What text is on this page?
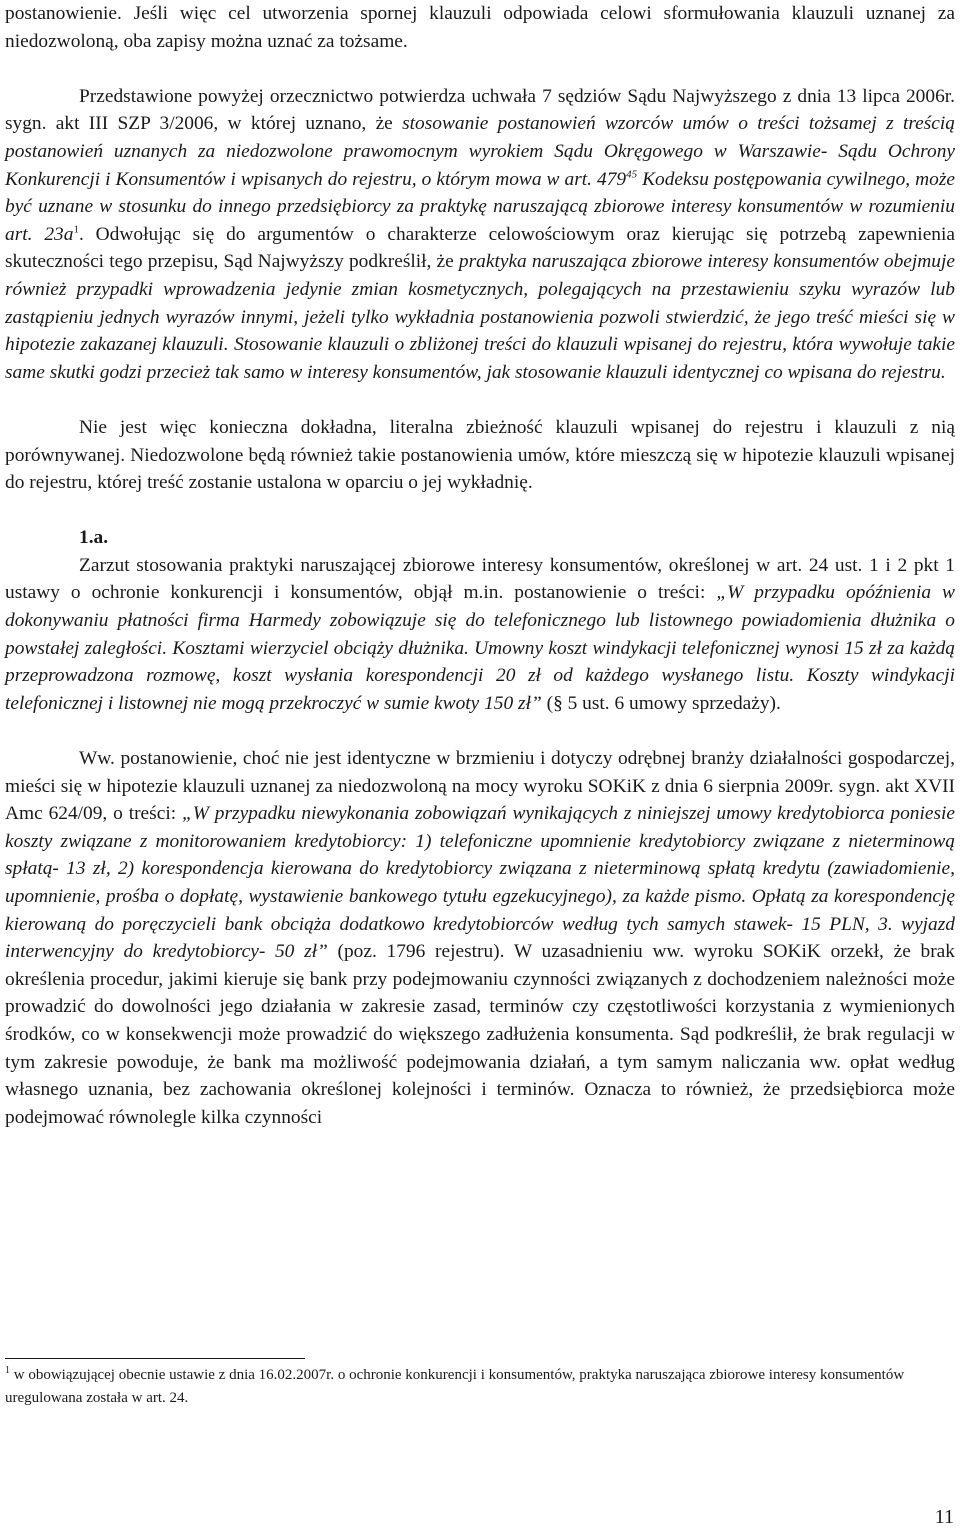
postanowienie. Jeśli więc cel utworzenia spornej klauzuli odpowiada celowi sformułowania klauzuli uznanej za niedozwoloną, oba zapisy można uznać za tożsame.

Przedstawione powyżej orzecznictwo potwierdza uchwała 7 sędziów Sądu Najwyższego z dnia 13 lipca 2006r. sygn. akt III SZP 3/2006, w której uznano, że stosowanie postanowień wzorców umów o treści tożsamej z treścią postanowień uznanych za niedozwolone prawomocnym wyrokiem Sądu Okręgowego w Warszawie- Sądu Ochrony Konkurencji i Konsumentów i wpisanych do rejestru, o którym mowa w art. $479^{45}$ Kodeksu postępowania cywilnego, może być uznane w stosunku do innego przedsiębiorcy za praktykę naruszającą zbiorowe interesy konsumentów w rozumieniu art. $23a^1$. Odwołując się do argumentów o charakterze celowościowym oraz kierując się potrzebą zapewnienia skuteczności tego przepisu, Sąd Najwyższy podkreślił, że praktyka naruszająca zbiorowe interesy konsumentów obejmuje również przypadki wprowadzenia jedynie zmian kosmetycznych, polegających na przestawieniu szyku wyrazów lub zastąpieniu jednych wyrazów innymi, jeżeli tylko wykładnia postanowienia pozwoli stwierdzić, że jego treść mieści się w hipotezie zakazanej klauzuli. Stosowanie klauzuli o zbliżonej treści do klauzuli wpisanej do rejestru, która wywołuje takie same skutki godzi przecież tak samo w interesy konsumentów, jak stosowanie klauzuli identycznej co wpisana do rejestru.

Nie jest więc konieczna dokładna, literalna zbieżność klauzuli wpisanej do rejestru i klauzuli z nią porównywanej. Niedozwolone będą również takie postanowienia umów, które mieszczą się w hipotezie klauzuli wpisanej do rejestru, której treść zostanie ustalona w oparciu o jej wykładnię.

1.a.

Zarzut stosowania praktyki naruszającej zbiorowe interesy konsumentów, określonej w art. 24 ust. 1 i 2 pkt 1 ustawy o ochronie konkurencji i konsumentów, objął m.in. postanowienie o treści: „W przypadku opóźnienia w dokonywaniu płatności firma Harmedy zobowiązuje się do telefonicznego lub listownego powiadomienia dłużnika o powstałej zaległości. Kosztami wierzyciel obciąży dłużnika. Umowny koszt windykacji telefonicznej wynosi 15 zł za każdą przeprowadzona rozmowę, koszt wysłania korespondencji 20 zł od każdego wysłanego listu. Koszty windykacji telefonicznej i listownej nie mogą przekroczyć w sumie kwoty 150 zł” (§ 5 ust. 6 umowy sprzedaży).

Ww. postanowienie, choć nie jest identyczne w brzmieniu i dotyczy odrębnej branży działalności gospodarczej, mieści się w hipotezie klauzuli uznanej za niedozwoloną na mocy wyroku SOKiK z dnia 6 sierpnia 2009r. sygn. akt XVII Amc 624/09, o treści: „W przypadku niewykonania zobowiązań wynikających z niniejszej umowy kredytobiorca poniesie koszty związane z monitorowaniem kredytobiorcy: 1) telefoniczne upomnienie kredytobiorcy związane z nieterminową spłatą- 13 zł, 2) korespondencja kierowana do kredytobiorcy związana z nieterminową spłatą kredytu (zawiadomienie, upomnienie, prośba o dopłatę, wystawienie bankowego tytułu egzekucyjnego), za każde pismo. Opłatą za korespondencję kierowaną do poręczycieli bank obciąża dodatkowo kredytobiorców według tych samych stawek- 15 PLN, 3. wyjazd interwencyjny do kredytobiorcy- 50 zł” (poz. 1796 rejestru). W uzasadnieniu ww. wyroku SOKiK orzekł, że brak określenia procedur, jakimi kieruje się bank przy podejmowaniu czynności związanych z dochodzeniem należności może prowadzić do dowolności jego działania w zakresie zasad, terminów czy częstotliwości korzystania z wymienionych środków, co w konsekwencji może prowadzić do większego zadłużenia konsumenta. Sąd podkreślił, że brak regulacji w tym zakresie powoduje, że bank ma możliwość podejmowania działań, a tym samym naliczania ww. opłat według własnego uznania, bez zachowania określonej kolejności i terminów. Oznacza to również, że przedsiębiorca może podejmować równolegle kilka czynności

$^1$ w obowiązującej obecnie ustawie z dnia 16.02.2007r. o ochronie konkurencji i konsumentów, praktyka naruszająca zbiorowe interesy konsumentów uregulowana została w art. 24.

11
